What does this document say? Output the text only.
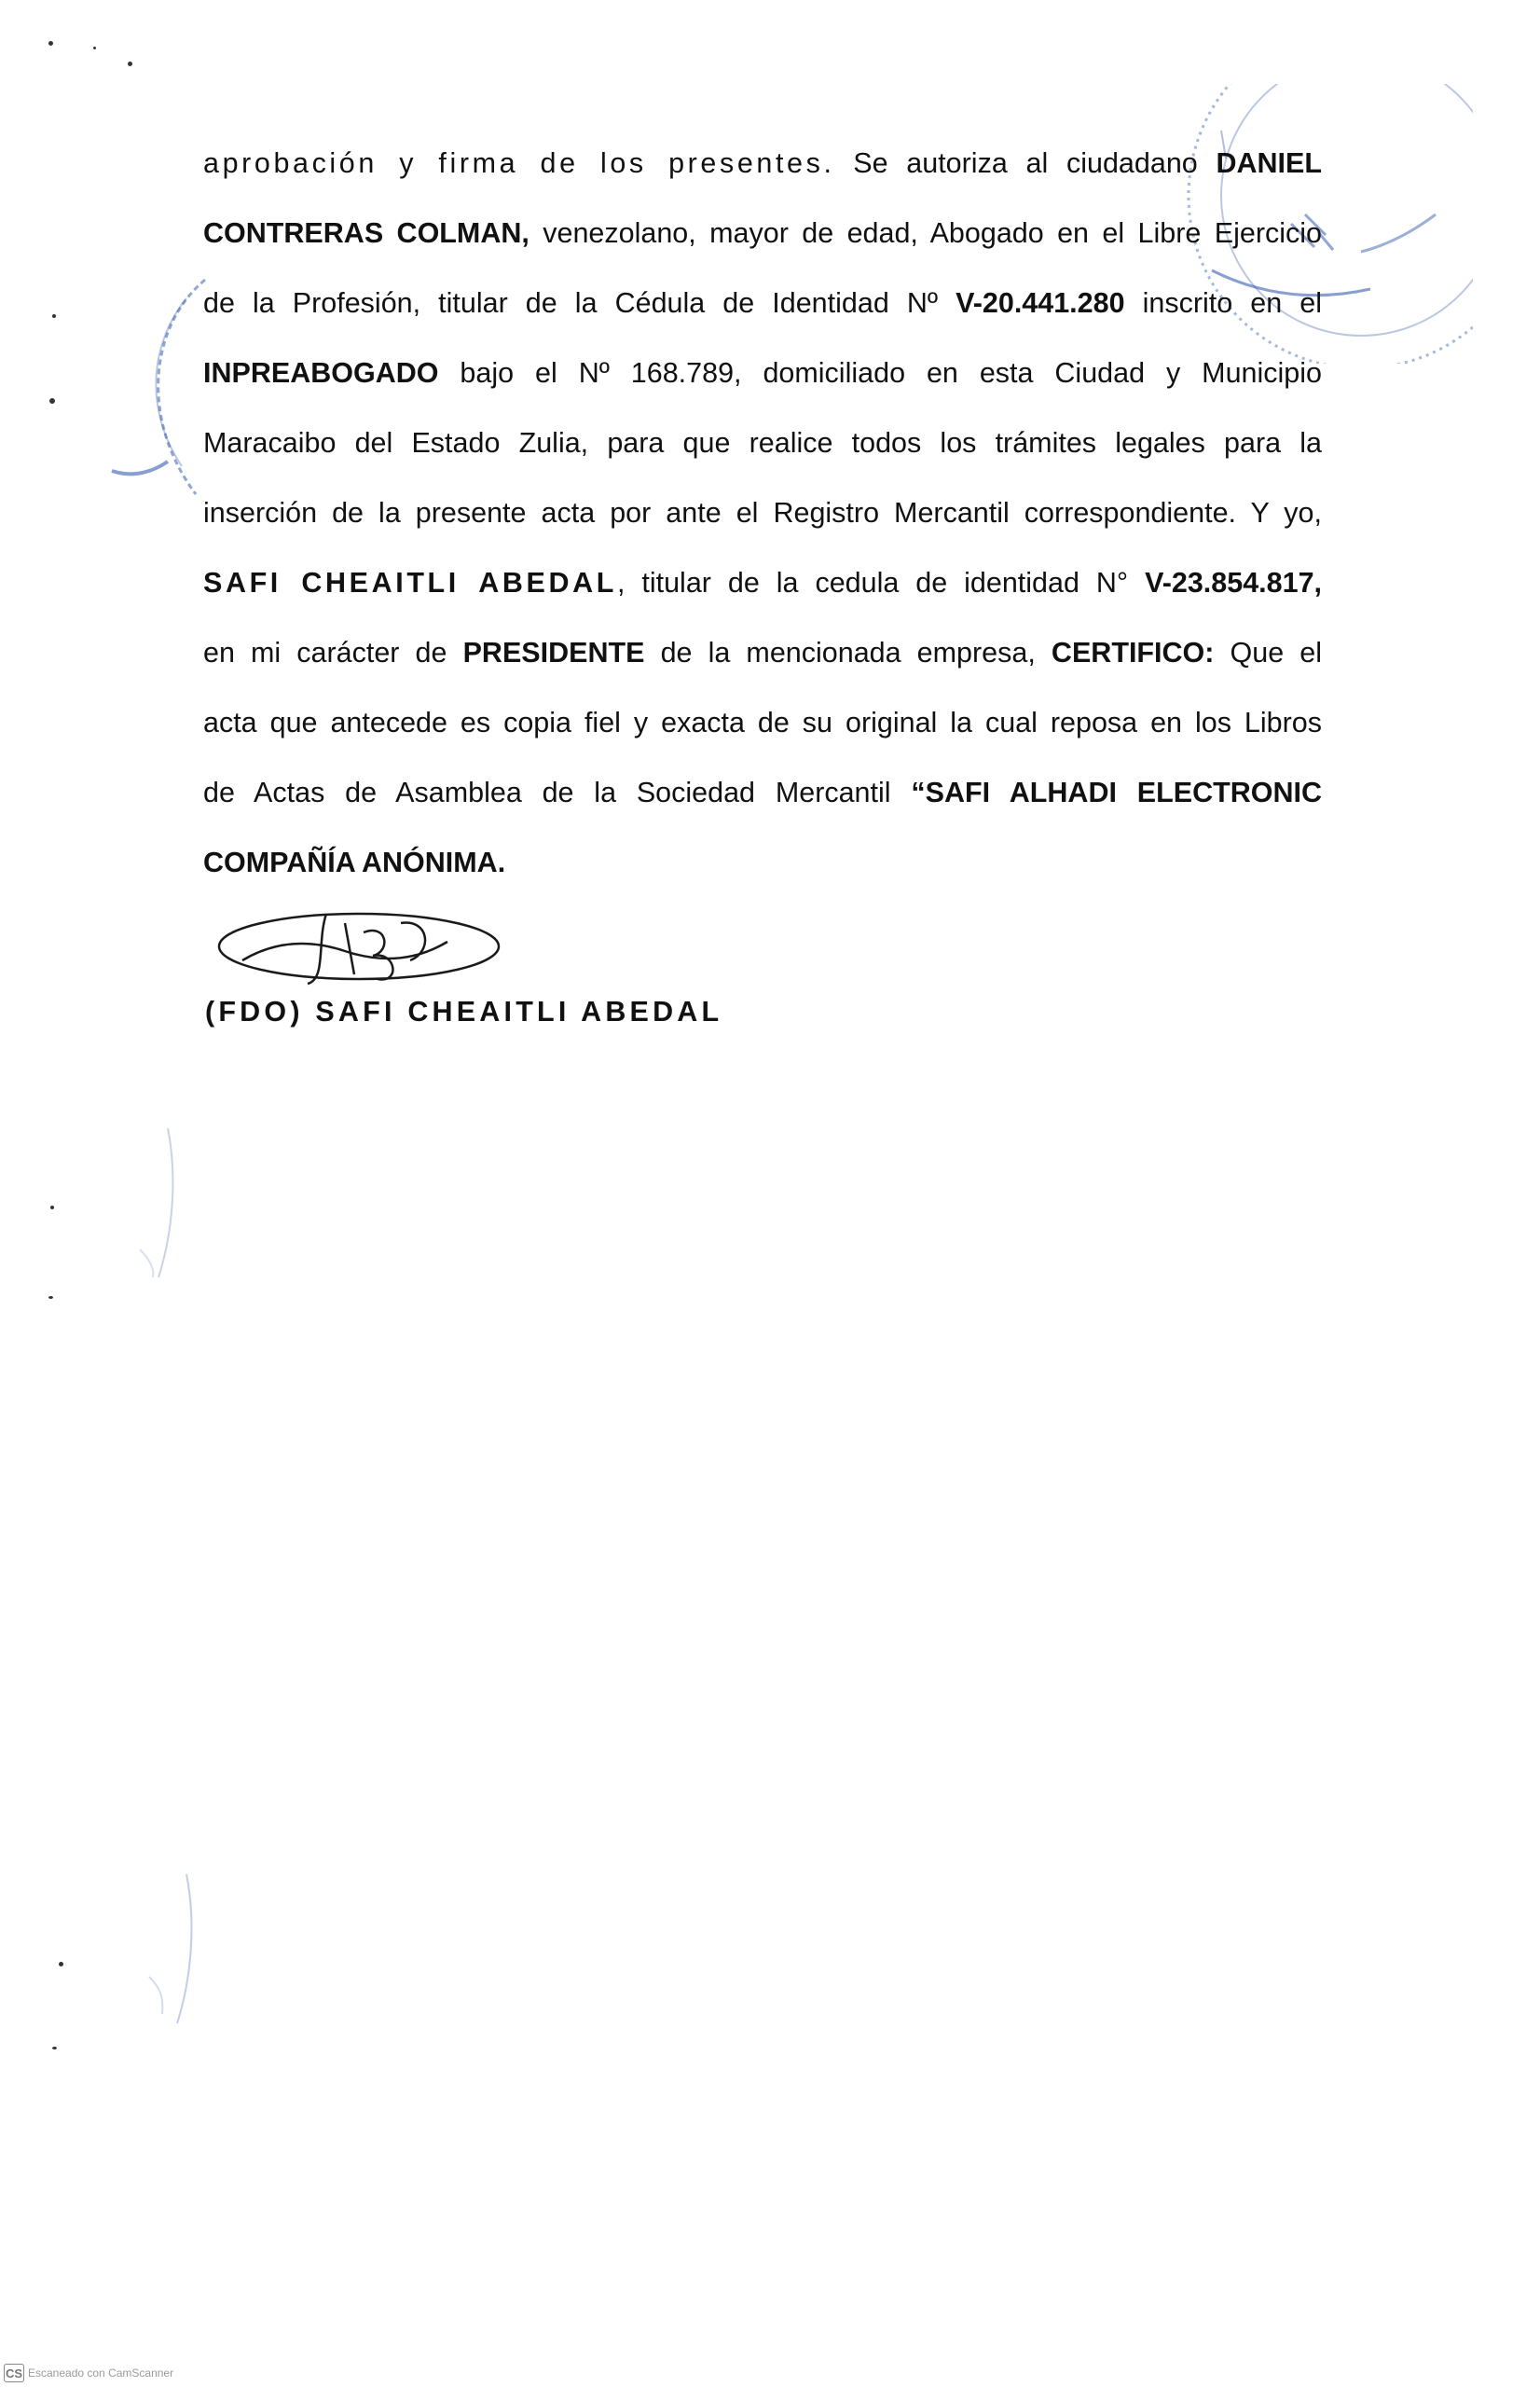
aprobación y firma de los presentes. Se autoriza al ciudadano DANIEL
CONTRERAS COLMAN, venezolano, mayor de edad, Abogado en el Libre Ejercicio
de la Profesión, titular de la Cédula de Identidad Nº V-20.441.280 inscrito en el
INPREABOGADO bajo el Nº 168.789, domiciliado en esta Ciudad y Municipio
Maracaibo del Estado Zulia, para que realice todos los trámites legales para la
inserción de la presente acta por ante el Registro Mercantil correspondiente. Y yo,
SAFI CHEAITLI ABEDAL, titular de la cedula de identidad N° V-23.854.817,
en mi carácter de PRESIDENTE de la mencionada empresa, CERTIFICO: Que el
acta que antecede es copia fiel y exacta de su original la cual reposa en los Libros
de Actas de Asamblea de la Sociedad Mercantil “SAFI ALHADI ELECTRONIC
COMPAÑÍA ANÓNIMA.
(FDO) SAFI CHEAITLI ABEDAL
CS Escaneado con CamScanner
